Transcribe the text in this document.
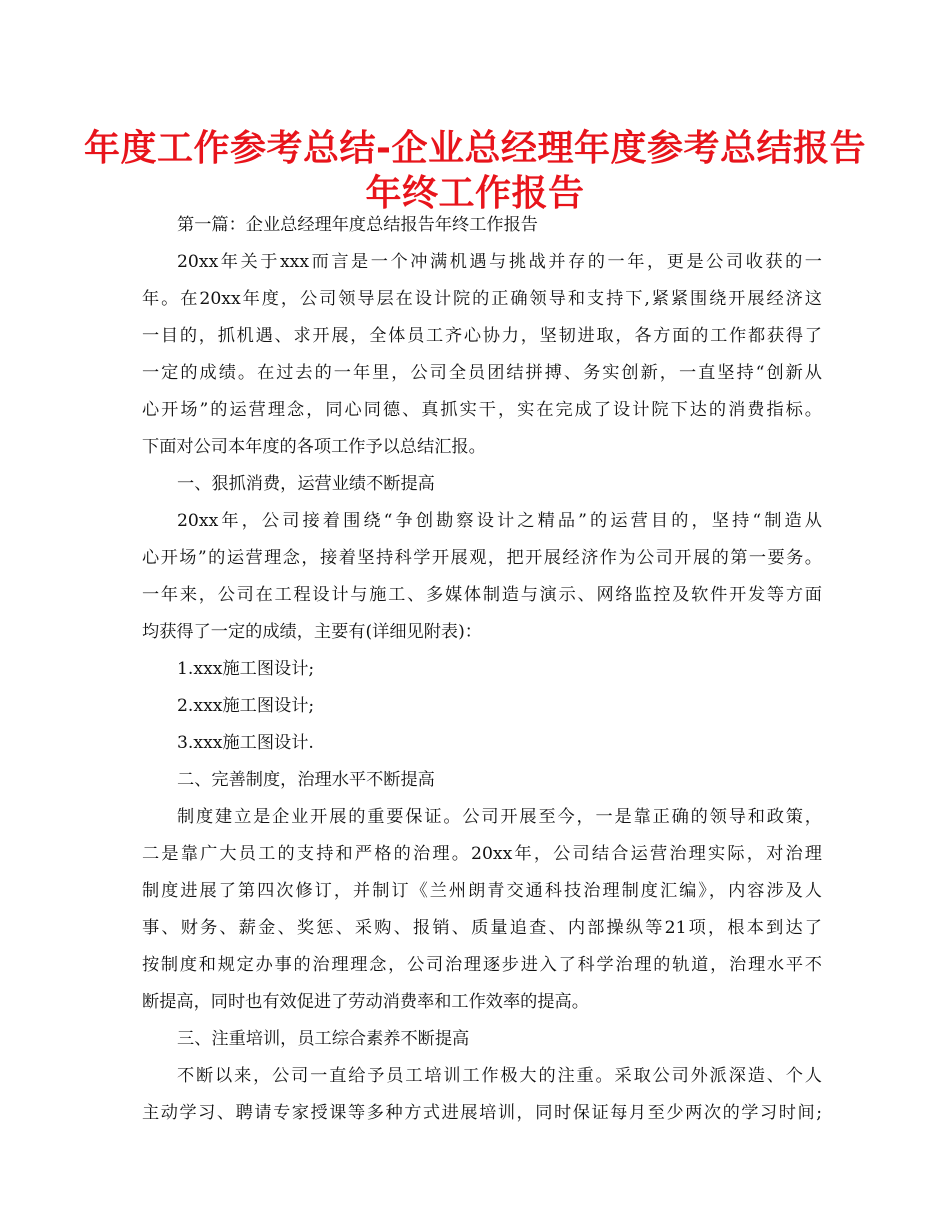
年度工作参考总结-企业总经理年度参考总结报告
年终工作报告
第一篇：企业总经理年度总结报告年终工作报告
20xx年关于xxx而言是一个冲满机遇与挑战并存的一年，更是公司收获的一
年。在20xx年度，公司领导层在设计院的正确领导和支持下,紧紧围绕开展经济这
一目的，抓机遇、求开展，全体员工齐心协力，坚韧进取，各方面的工作都获得了
一定的成绩。在过去的一年里，公司全员团结拼搏、务实创新，一直坚持“创新从
心开场”的运营理念，同心同德、真抓实干，实在完成了设计院下达的消费指标。
下面对公司本年度的各项工作予以总结汇报。
一、狠抓消费，运营业绩不断提高
20xx年，公司接着围绕“争创勘察设计之精品”的运营目的，坚持“制造从
心开场”的运营理念，接着坚持科学开展观，把开展经济作为公司开展的第一要务。
一年来，公司在工程设计与施工、多媒体制造与演示、网络监控及软件开发等方面
均获得了一定的成绩，主要有(详细见附表)：
1.xxx施工图设计;
2.xxx施工图设计;
3.xxx施工图设计.
二、完善制度，治理水平不断提高
制度建立是企业开展的重要保证。公司开展至今，一是靠正确的领导和政策，
二是靠广大员工的支持和严格的治理。20xx年，公司结合运营治理实际，对治理
制度进展了第四次修订，并制订《兰州朗青交通科技治理制度汇编》，内容涉及人
事、财务、薪金、奖惩、采购、报销、质量追查、内部操纵等21项，根本到达了
按制度和规定办事的治理理念，公司治理逐步进入了科学治理的轨道，治理水平不
断提高，同时也有效促进了劳动消费率和工作效率的提高。
三、注重培训，员工综合素养不断提高
不断以来，公司一直给予员工培训工作极大的注重。采取公司外派深造、个人
主动学习、聘请专家授课等多种方式进展培训，同时保证每月至少两次的学习时间;
